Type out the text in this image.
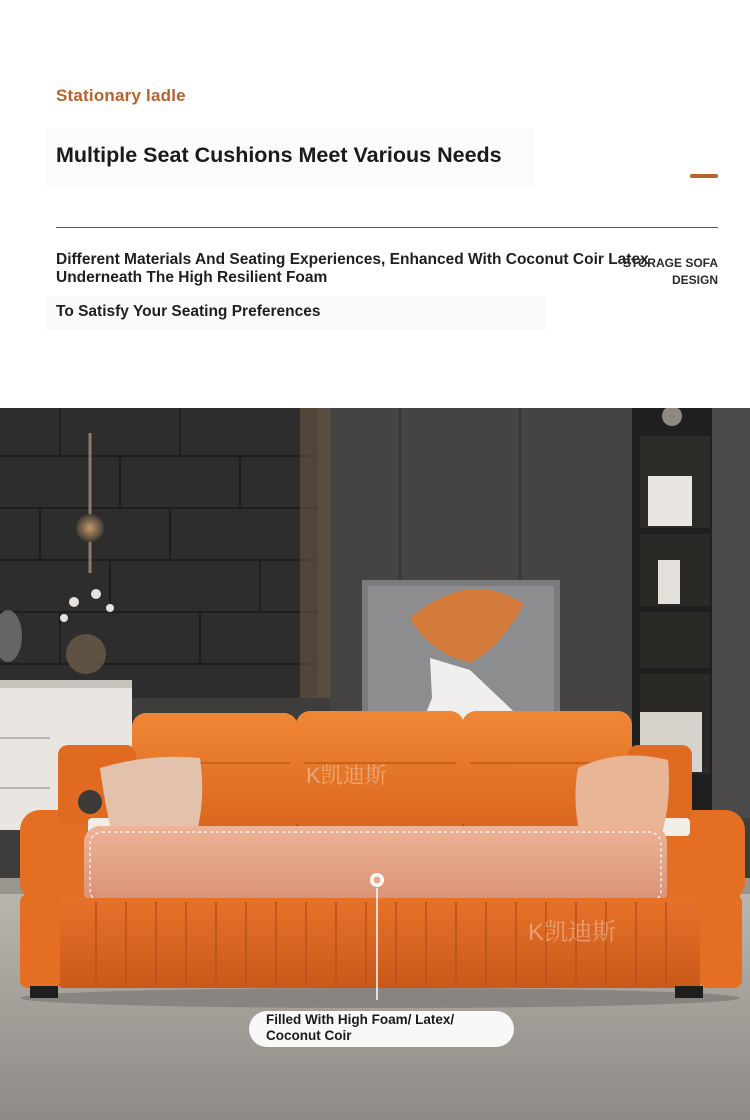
Stationary ladle
Multiple Seat Cushions Meet Various Needs

Different Materials And Seating Experiences, Enhanced With Coconut Coir Latex
Underneath The High Resilient Foam

To Satisfy Your Seating Preferences

STORAGE SOFA
DESIGN
K凯迪斯
K凯迪斯
Filled With High Foam/ Latex/
Coconut Coir
